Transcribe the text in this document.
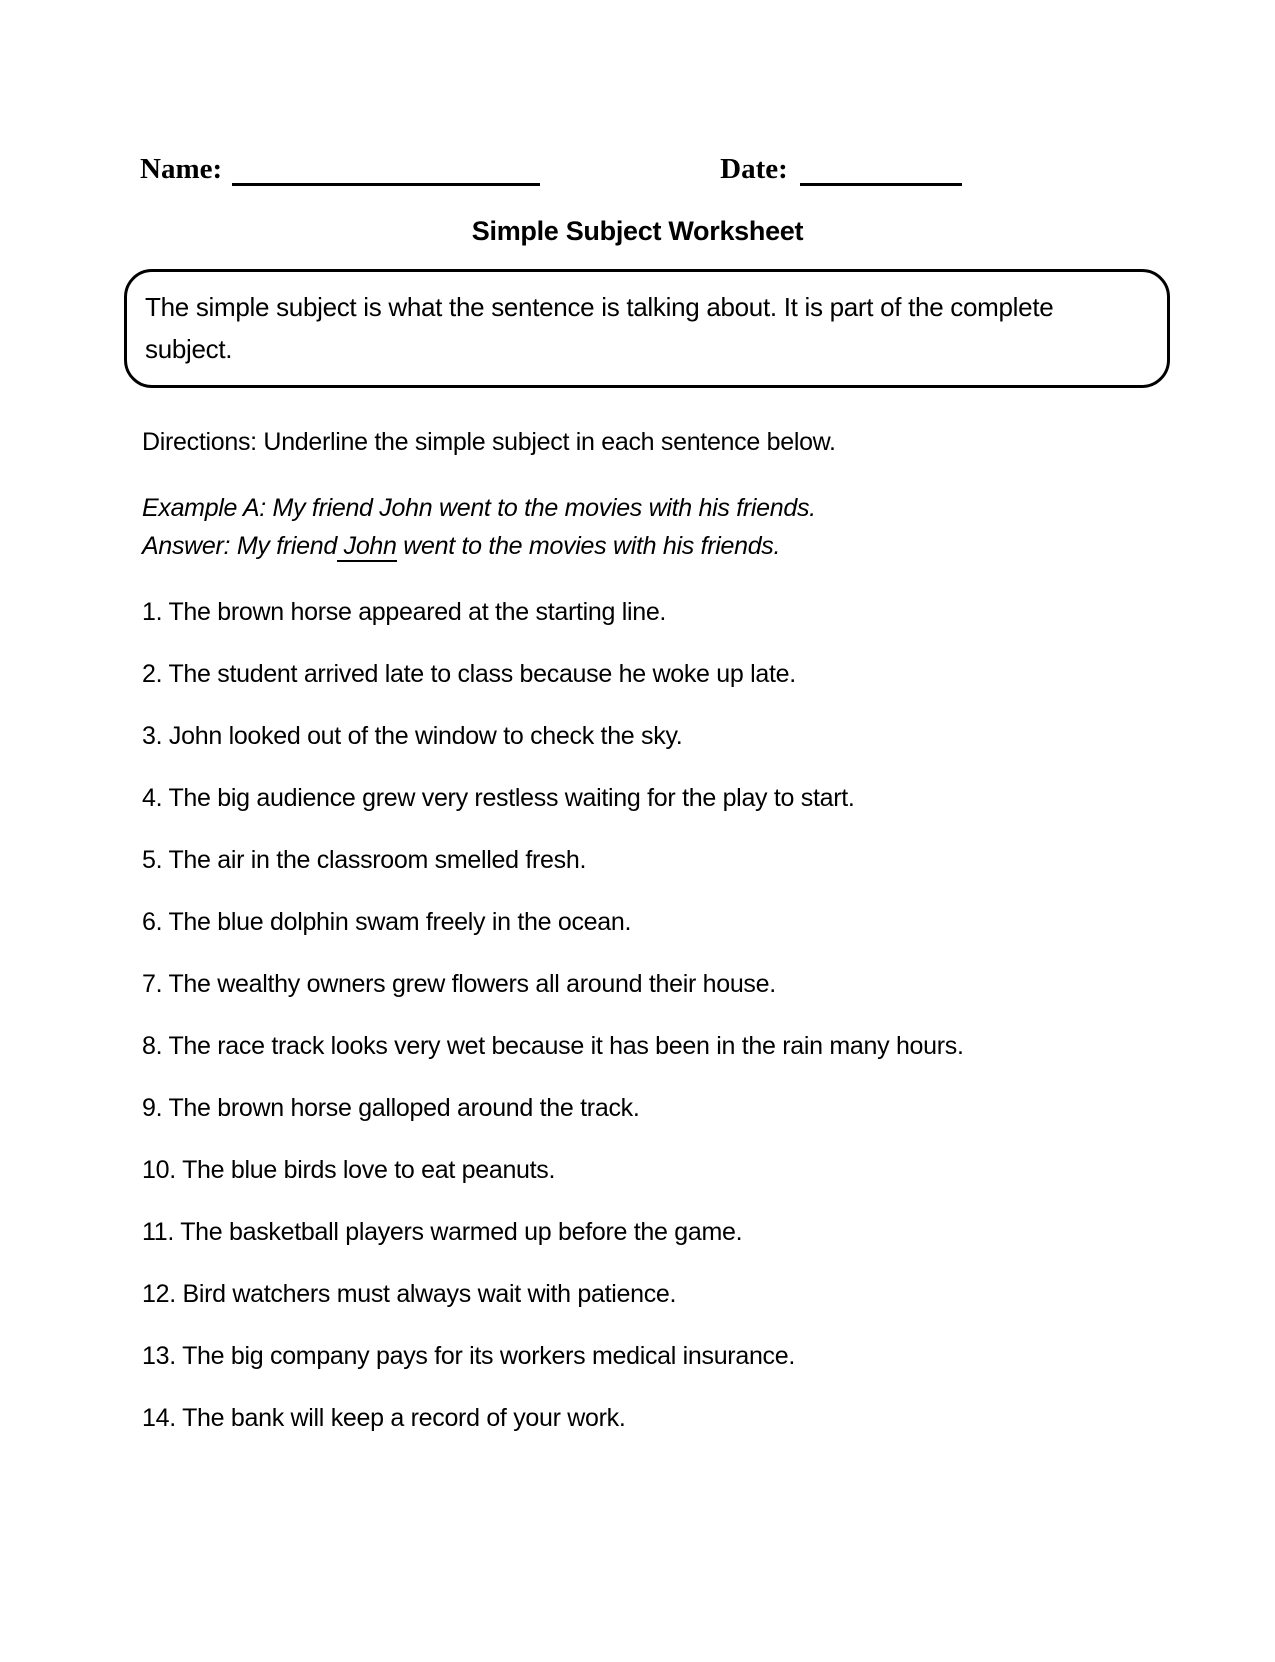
Name:	Date:
Simple Subject Worksheet
The simple subject is what the sentence is talking about. It is part of the complete subject.
Directions: Underline the simple subject in each sentence below.
Example A: My friend John went to the movies with his friends.
Answer: My friend John went to the movies with his friends.
1. The brown horse appeared at the starting line.
2. The student arrived late to class because he woke up late.
3. John looked out of the window to check the sky.
4. The big audience grew very restless waiting for the play to start.
5. The air in the classroom smelled fresh.
6. The blue dolphin swam freely in the ocean.
7. The wealthy owners grew flowers all around their house.
8. The race track looks very wet because it has been in the rain many hours.
9. The brown horse galloped around the track.
10. The blue birds love to eat peanuts.
11. The basketball players warmed up before the game.
12. Bird watchers must always wait with patience.
13. The big company pays for its workers medical insurance.
14. The bank will keep a record of your work.
